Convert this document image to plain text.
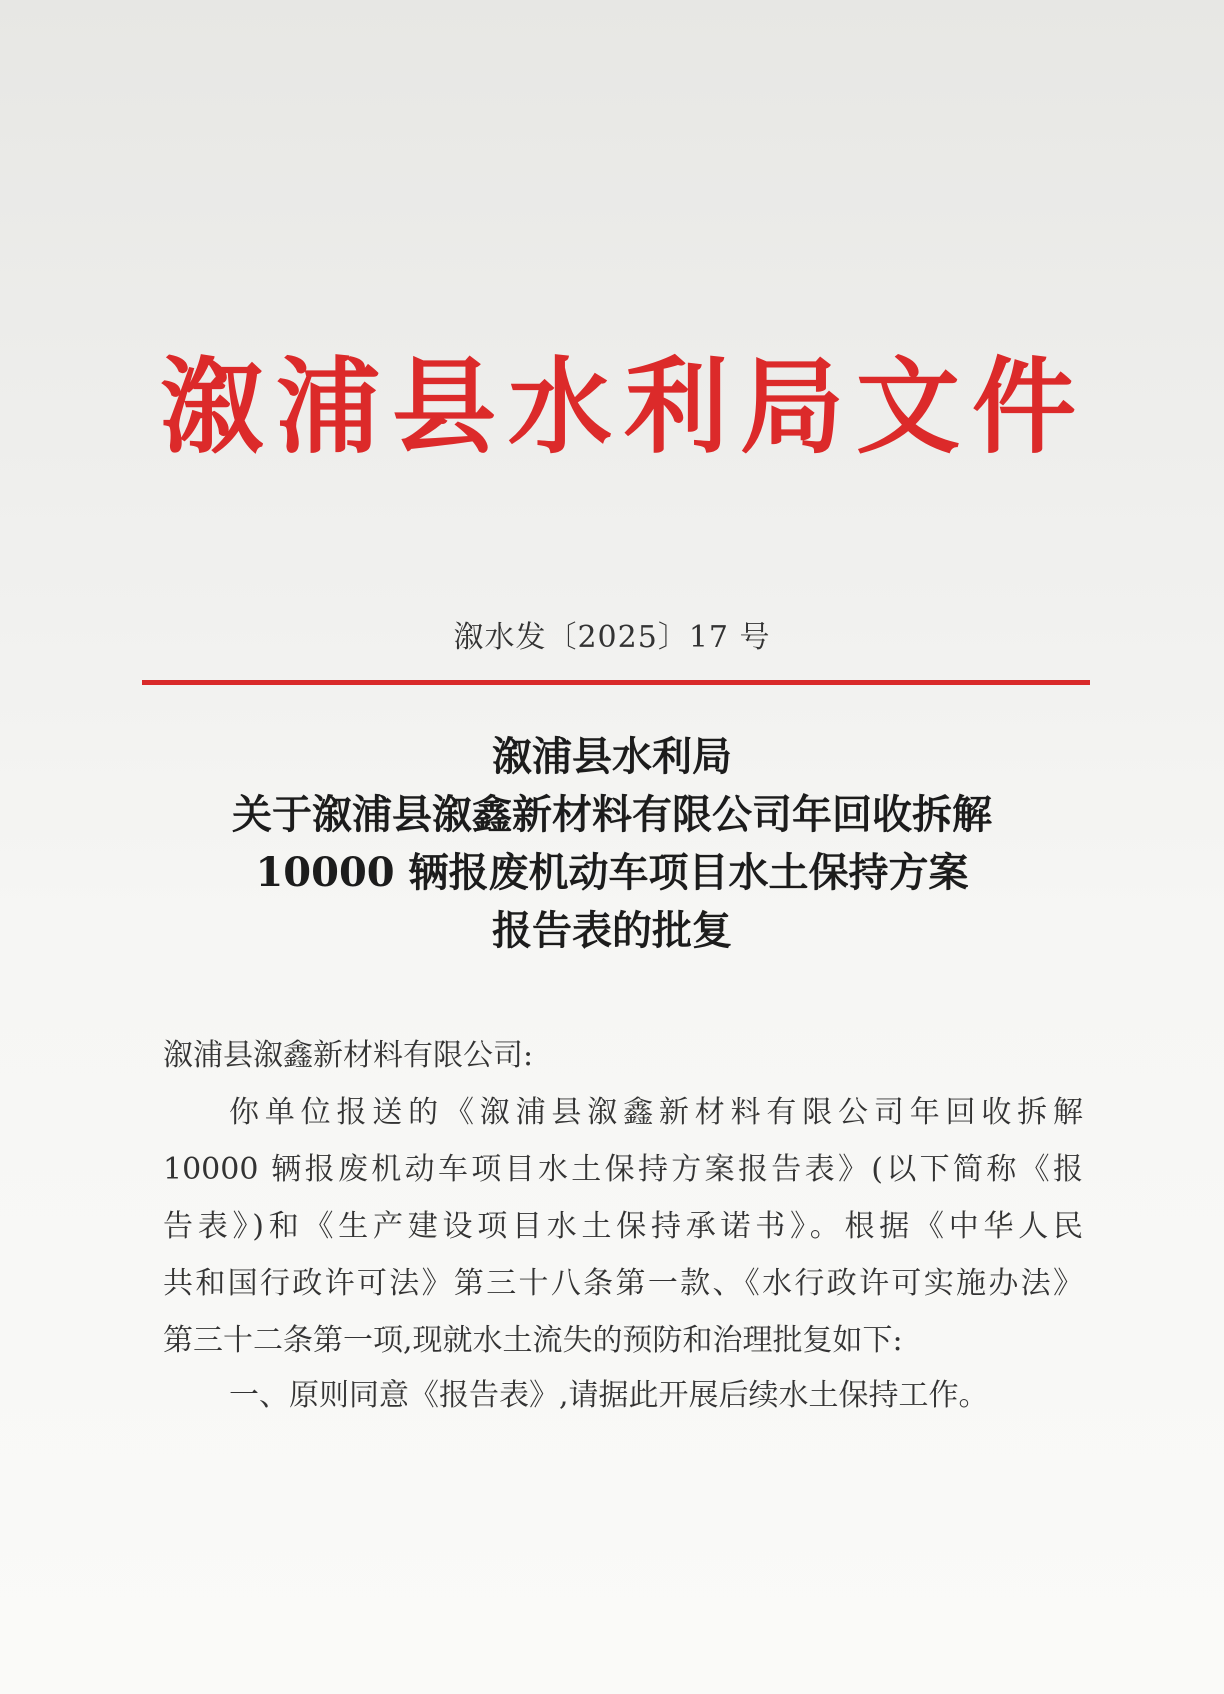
溆浦县水利局文件
溆水发〔2025〕17 号
溆浦县水利局
关于溆浦县溆鑫新材料有限公司年回收拆解
10000 辆报废机动车项目水土保持方案
报告表的批复
溆浦县溆鑫新材料有限公司:
你单位报送的《溆浦县溆鑫新材料有限公司年回收拆解
10000 辆报废机动车项目水土保持方案报告表》(以下简称《报
告表》)和《生产建设项目水土保持承诺书》。根据《中华人民
共和国行政许可法》第三十八条第一款、《水行政许可实施办法》
第三十二条第一项,现就水土流失的预防和治理批复如下:
一、原则同意《报告表》,请据此开展后续水土保持工作。
